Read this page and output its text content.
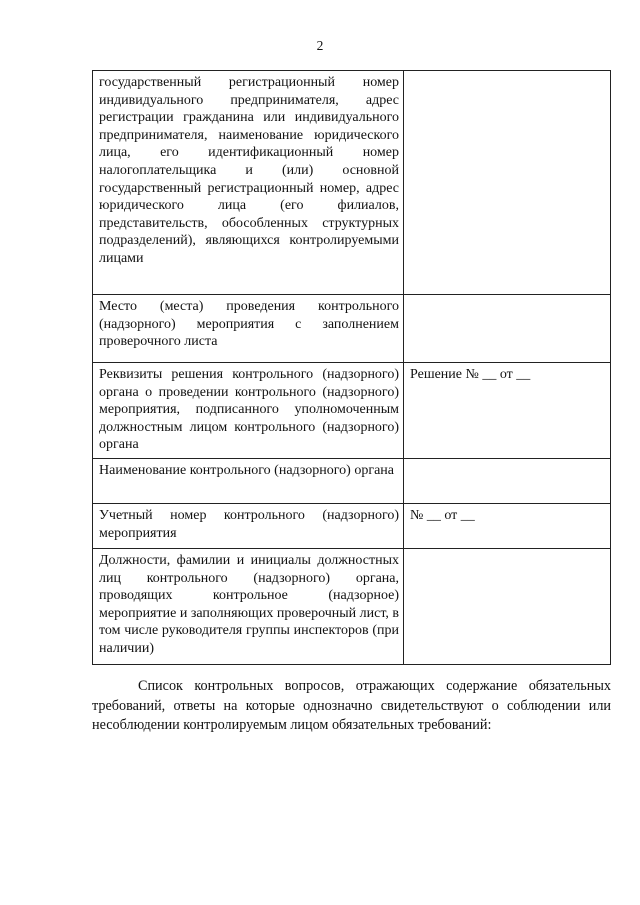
2
государственный регистрационный номер индивидуального предпринимателя, адрес регистрации гражданина или индивидуального предпринимателя, наименование юридического лица, его идентификационный номер налогоплательщика и (или) основной государственный регистрационный номер, адрес юридического лица (его филиалов, представительств, обособленных структурных подразделений), являющихся контролируемыми лицами	
Место (места) проведения контрольного (надзорного) мероприятия с заполнением проверочного листа	
Реквизиты решения контрольного (надзорного) органа о проведении контрольного (надзорного) мероприятия, подписанного уполномоченным должностным лицом контрольного (надзорного) органа	Решение № __ от __
Наименование контрольного (надзорного) органа	
Учетный номер контрольного (надзорного) мероприятия	№ __ от __
Должности, фамилии и инициалы должностных лиц контрольного (надзорного) органа, проводящих контрольное (надзорное) мероприятие и заполняющих проверочный лист, в том числе руководителя группы инспекторов (при наличии)	

Список контрольных вопросов, отражающих содержание обязательных требований, ответы на которые однозначно свидетельствуют о соблюдении или несоблюдении контролируемым лицом обязательных требований:
